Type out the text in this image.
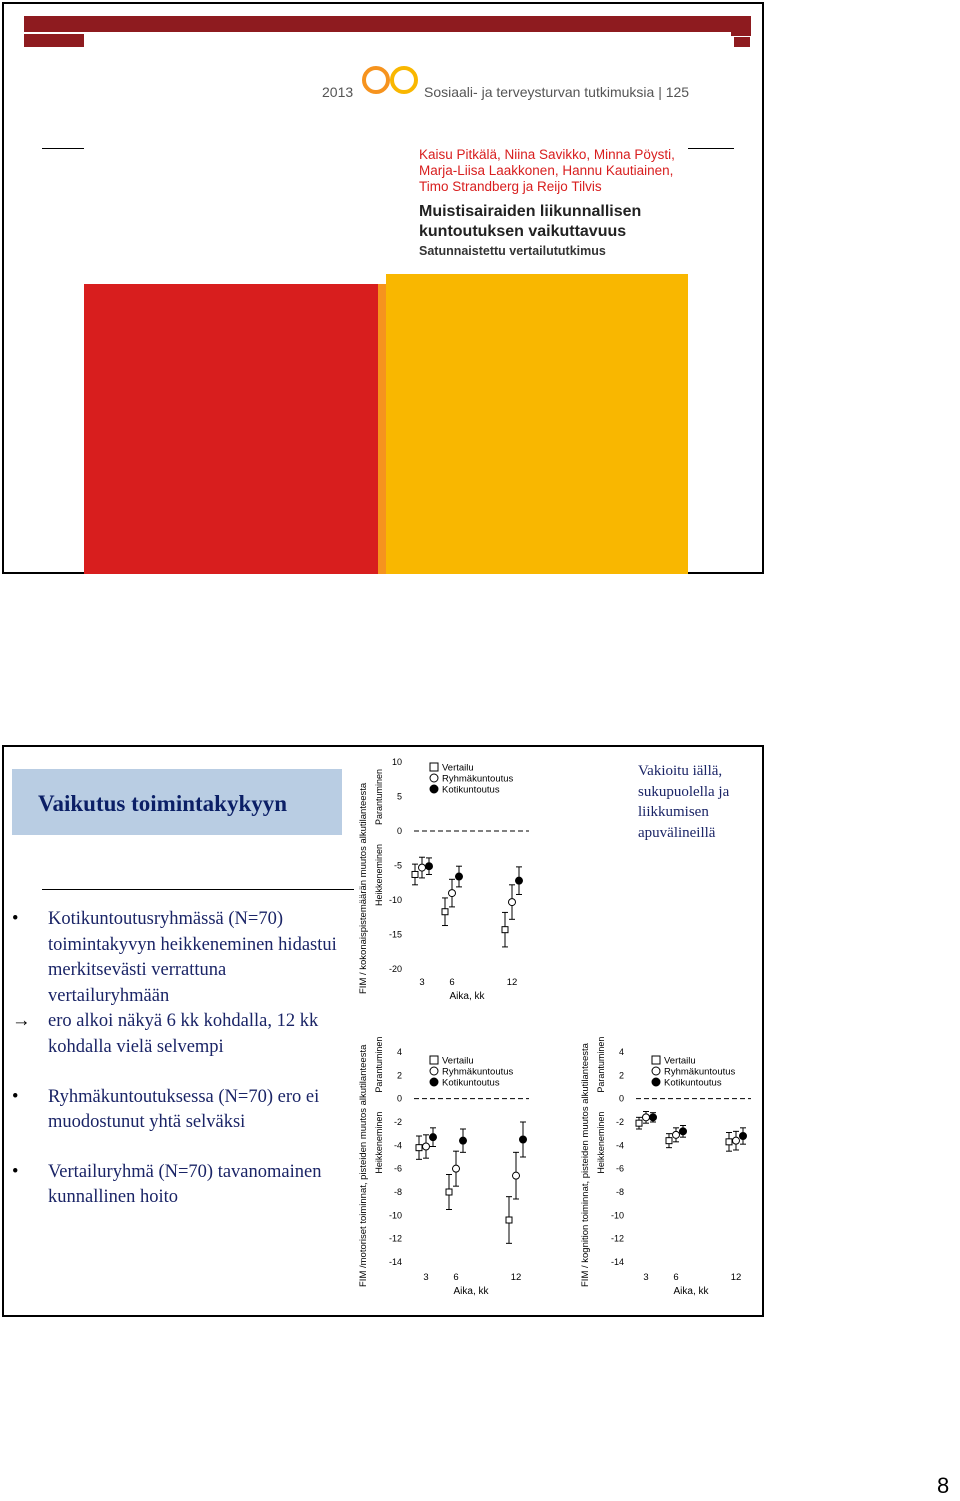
2013	Sosiaali- ja terveysturvan tutkimuksia | 125
Kaisu Pitkälä, Niina Savikko, Minna Pöysti,
Marja-Liisa Laakkonen, Hannu Kautiainen,
Timo Strandberg ja Reijo Tilvis
Muistisairaiden liikunnallisen
kuntoutuksen vaikuttavuus
Satunnaistettu vertailututkimus
Vaikutus toimintakykyyn
• Kotikuntoutusryhmässä (N=70) toimintakyvyn heikkeneminen hidastui merkitsevästi verrattuna vertailuryhmään
→ ero alkoi näkyä 6 kk kohdalla, 12 kk kohdalla vielä selvempi
• Ryhmäkuntoutuksessa (N=70) ero ei muodostunut yhtä selväksi
• Vertailuryhmä (N=70) tavanomainen kunnallinen hoito
Vakioitu iällä, sukupuolella ja liikkumisen apuvälineillä
10
5
0
-5
-10
-15
-20
FIM / kokonaispistemäärän muutos alkutilanteesta Parantuminen
Heikkeneminen
3	6	12
Aika, kk
Vertailu
Ryhmäkuntoutus
Kotikuntoutus
4
2
0
-2
-4
-6
-8
-10
-12
-14
FIM /motoriset toiminnat, pisteiden muutos alkutilanteesta Parantuminen
Heikkeneminen
3	6	12
Aika, kk
Vertailu
Ryhmäkuntoutus
Kotikuntoutus
4
2
0
-2
-4
-6
-8
-10
-12
-14
FIM / kognition toiminnat, pisteiden muutos alkutilanteesta Parantuminen
Heikkeneminen
3	6	12
Aika, kk
Vertailu
Ryhmäkuntoutus
Kotikuntoutus
8
